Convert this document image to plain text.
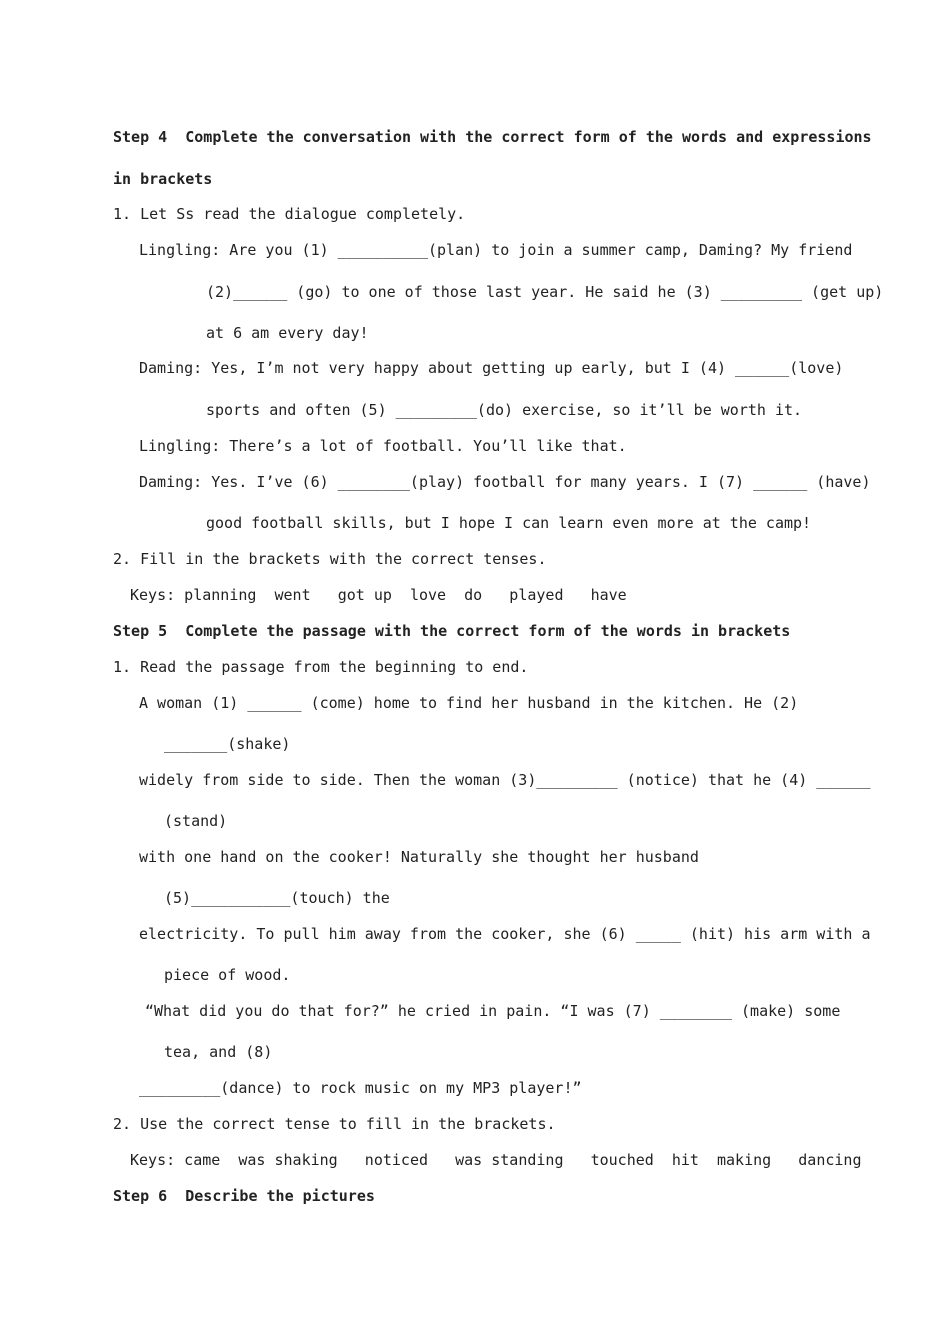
Step 4  Complete the conversation with the correct form of the words and expressions
in brackets
1. Let Ss read the dialogue completely.
Lingling: Are you (1) __________(plan) to join a summer camp, Daming? My friend
(2)______ (go) to one of those last year. He said he (3) _________ (get up)
at 6 am every day!
Daming: Yes, I’m not very happy about getting up early, but I (4) ______(love)
sports and often (5) _________(do) exercise, so it’ll be worth it.
Lingling: There’s a lot of football. You’ll like that.
Daming: Yes. I’ve (6) ________(play) football for many years. I (7) ______ (have)
good football skills, but I hope I can learn even more at the camp!
2. Fill in the brackets with the correct tenses.
Keys: planning  went   got up  love  do   played   have
Step 5  Complete the passage with the correct form of the words in brackets
1. Read the passage from the beginning to end.
A woman (1) ______ (come) home to find her husband in the kitchen. He (2)
_______(shake)
widely from side to side. Then the woman (3)_________ (notice) that he (4) ______
(stand)
with one hand on the cooker! Naturally she thought her husband
(5)___________(touch) the
electricity. To pull him away from the cooker, she (6) _____ (hit) his arm with a
piece of wood.
“What did you do that for?” he cried in pain. “I was (7) ________ (make) some
tea, and (8)
_________(dance) to rock music on my MP3 player!”
2. Use the correct tense to fill in the brackets.
Keys: came  was shaking   noticed   was standing   touched  hit  making   dancing
Step 6  Describe the pictures
